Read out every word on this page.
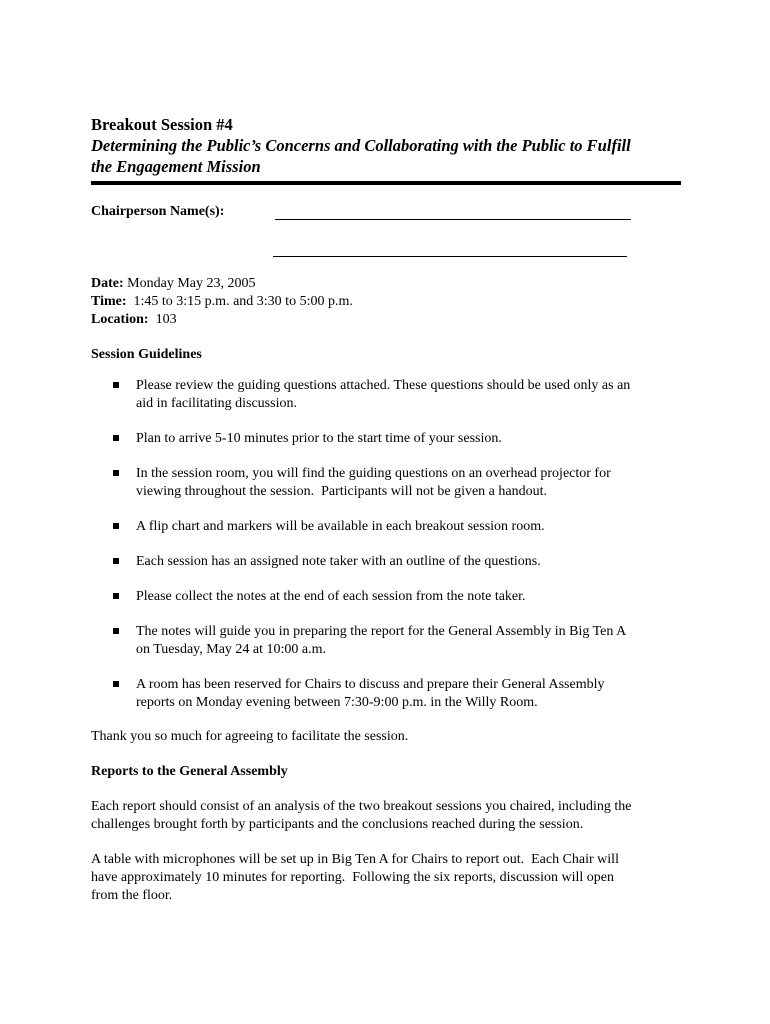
Breakout Session #4

Determining the Public’s Concerns and Collaborating with the Public to Fulfill

the Engagement Mission

Chairperson Name(s):
Date: Monday May 23, 2005
Time:  1:45 to 3:15 p.m. and 3:30 to 5:00 p.m.
Location:  103
Session Guidelines
Please review the guiding questions attached. These questions should be used only as an
aid in facilitating discussion.
Plan to arrive 5-10 minutes prior to the start time of your session.
In the session room, you will find the guiding questions on an overhead projector for
viewing throughout the session.  Participants will not be given a handout.
A flip chart and markers will be available in each breakout session room.
Each session has an assigned note taker with an outline of the questions.
Please collect the notes at the end of each session from the note taker.
The notes will guide you in preparing the report for the General Assembly in Big Ten A
on Tuesday, May 24 at 10:00 a.m.
A room has been reserved for Chairs to discuss and prepare their General Assembly
reports on Monday evening between 7:30-9:00 p.m. in the Willy Room.

Thank you so much for agreeing to facilitate the session.

Reports to the General Assembly
Each report should consist of an analysis of the two breakout sessions you chaired, including the
challenges brought forth by participants and the conclusions reached during the session.
A table with microphones will be set up in Big Ten A for Chairs to report out.  Each Chair will
have approximately 10 minutes for reporting.  Following the six reports, discussion will open
from the floor.
